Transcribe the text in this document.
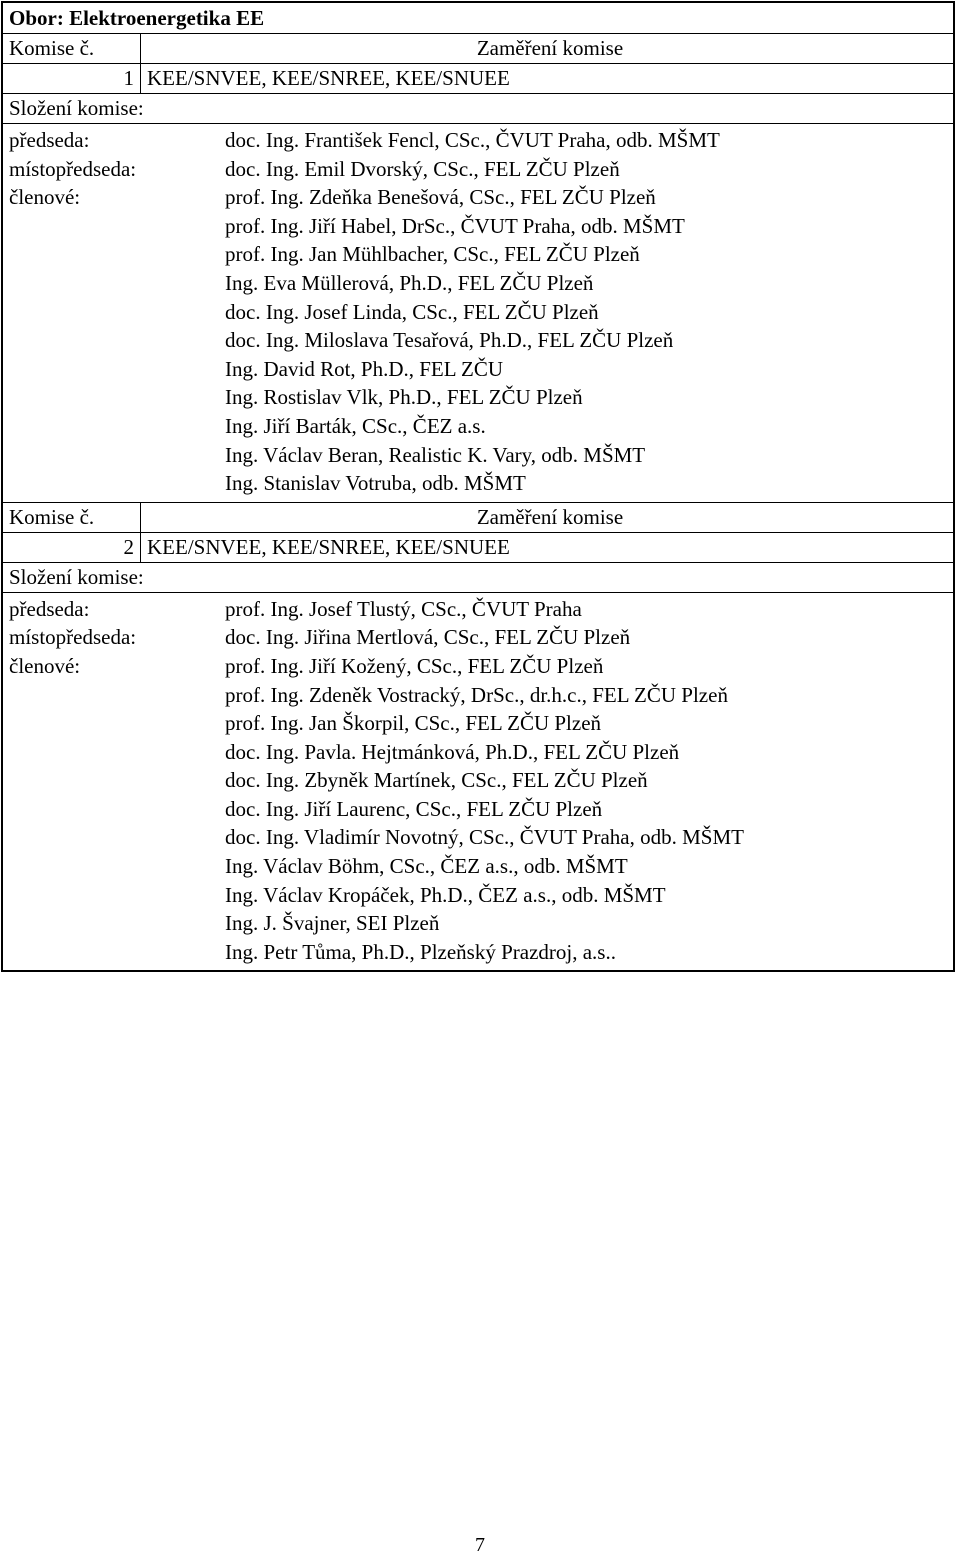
Obor: Elektroenergetika EE
Komise č.	Zaměření komise
1 KEE/SNVEE, KEE/SNREE, KEE/SNUEE
Složení komise:
předseda:
místopředseda:
členové:
doc. Ing. František Fencl, CSc., ČVUT Praha, odb. MŠMT
doc. Ing. Emil Dvorský, CSc., FEL ZČU Plzeň
prof. Ing. Zdeňka Benešová, CSc., FEL ZČU Plzeň
prof. Ing. Jiří Habel, DrSc., ČVUT Praha, odb. MŠMT
prof. Ing. Jan Mühlbacher, CSc., FEL ZČU Plzeň
Ing. Eva Müllerová, Ph.D., FEL ZČU Plzeň
doc. Ing. Josef Linda, CSc., FEL ZČU Plzeň
doc. Ing. Miloslava Tesařová, Ph.D., FEL ZČU Plzeň
Ing. David Rot, Ph.D., FEL ZČU
Ing. Rostislav Vlk, Ph.D., FEL ZČU Plzeň
Ing. Jiří Barták, CSc., ČEZ a.s.
Ing. Václav Beran, Realistic K. Vary, odb. MŠMT
Ing. Stanislav Votruba, odb. MŠMT
Komise č.	Zaměření komise
2 KEE/SNVEE, KEE/SNREE, KEE/SNUEE
Složení komise:
předseda:
místopředseda:
členové:
prof. Ing. Josef Tlustý, CSc., ČVUT Praha
doc. Ing. Jiřina Mertlová, CSc., FEL ZČU Plzeň
prof. Ing. Jiří Kožený, CSc., FEL ZČU Plzeň
prof. Ing. Zdeněk Vostracký, DrSc., dr.h.c., FEL ZČU Plzeň
prof. Ing. Jan Škorpil, CSc., FEL ZČU Plzeň
doc. Ing. Pavla. Hejtmánková, Ph.D., FEL ZČU Plzeň
doc. Ing. Zbyněk Martínek, CSc., FEL ZČU Plzeň
doc. Ing. Jiří Laurenc, CSc., FEL ZČU Plzeň
doc. Ing. Vladimír Novotný, CSc., ČVUT Praha, odb. MŠMT
Ing. Václav Böhm, CSc., ČEZ a.s., odb. MŠMT
Ing. Václav Kropáček, Ph.D., ČEZ a.s., odb. MŠMT
Ing. J. Švajner, SEI Plzeň
Ing. Petr Tůma, Ph.D., Plzeňský Prazdroj, a.s..
7
